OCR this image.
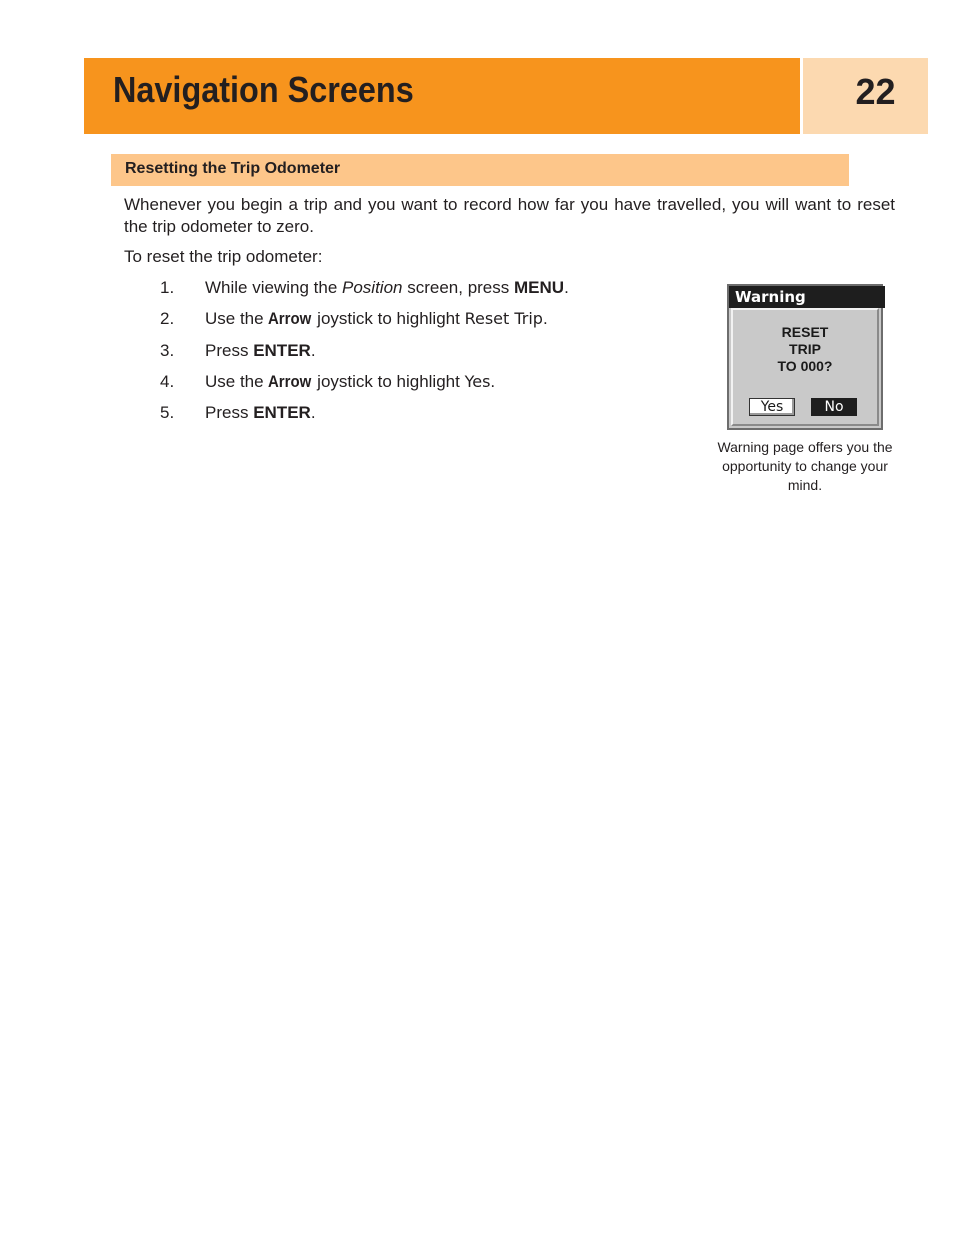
Navigation Screens	22
Resetting the Trip Odometer

Whenever you begin a trip and you want to record how far you have travelled, you will want to reset the trip odometer to zero.

To reset the trip odometer:

1. While viewing the Position screen, press MENU.
2. Use the Arrow joystick to highlight Reset Trip.
3. Press ENTER.
4. Use the Arrow joystick to highlight Yes.
5. Press ENTER.
Warning
RESET
TRIP
TO 000?
Yes	No

Warning page offers you the opportunity to change your mind.
